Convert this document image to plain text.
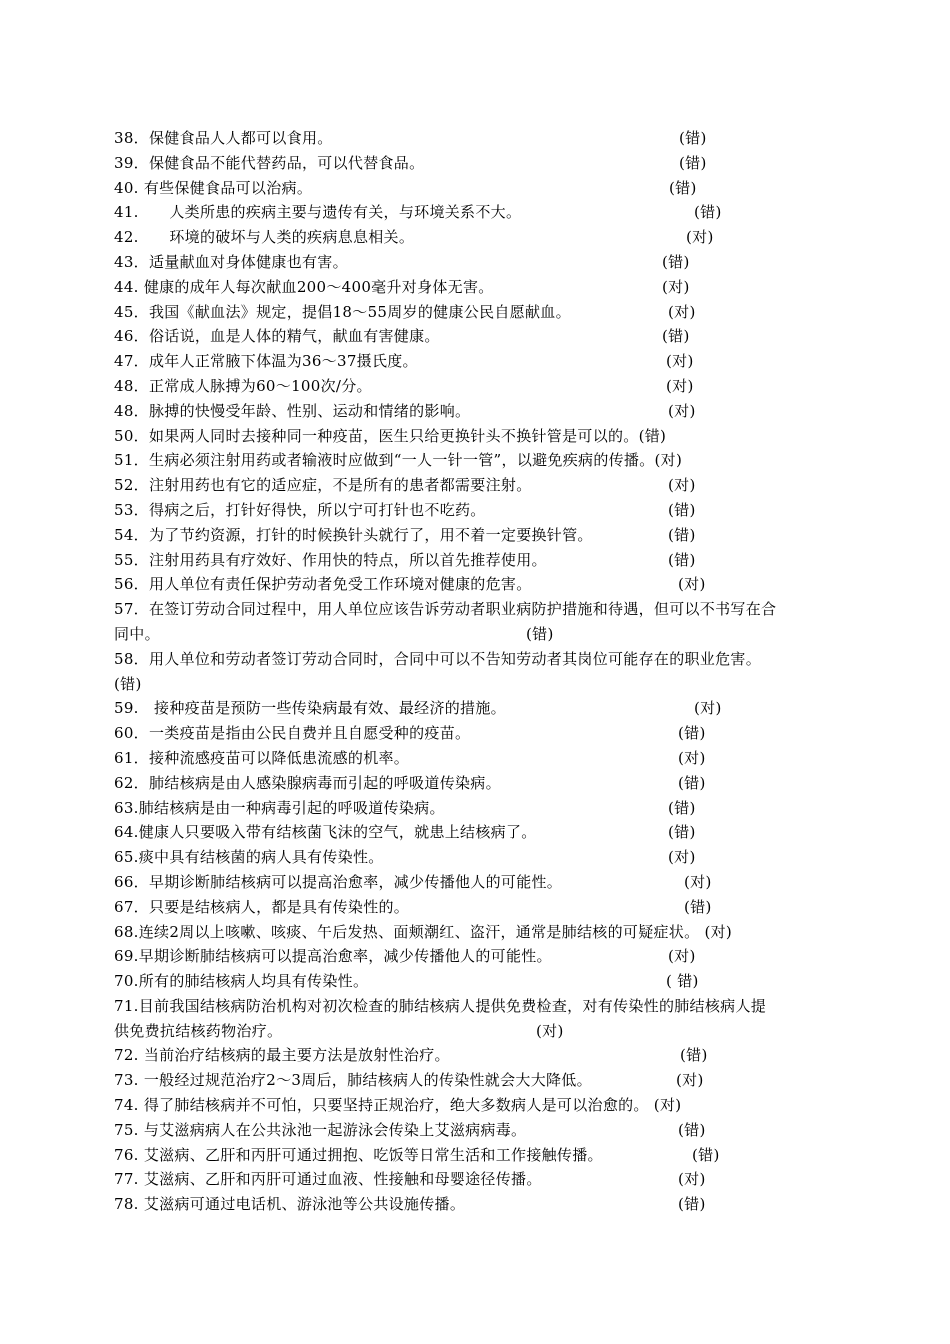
38．保健食品人人都可以食用。	(错)
39．保健食品不能代替药品，可以代替食品。	(错)
40. 有些保健食品可以治病。	(错)
41.　　人类所患的疾病主要与遗传有关，与环境关系不大。	(错)
42.　　环境的破坏与人类的疾病息息相关。	(对)
43．适量献血对身体健康也有害。	(错)
44. 健康的成年人每次献血200～400毫升对身体无害。	(对)
45．我国《献血法》规定，提倡18～55周岁的健康公民自愿献血。	(对)
46．俗话说，血是人体的精气，献血有害健康。	(错)
47．成年人正常腋下体温为36～37摄氏度。	(对)
48．正常成人脉搏为60～100次/分。	(对)
48．脉搏的快慢受年龄、性别、运动和情绪的影响。	(对)
50．如果两人同时去接种同一种疫苗，医生只给更换针头不换针管是可以的。(错)
51．生病必须注射用药或者输液时应做到“一人一针一管”，以避免疾病的传播。(对)
52．注射用药也有它的适应症，不是所有的患者都需要注射。	(对)
53．得病之后，打针好得快，所以宁可打针也不吃药。	(错)
54．为了节约资源，打针的时候换针头就行了，用不着一定要换针管。	(错)
55．注射用药具有疗效好、作用快的特点，所以首先推荐使用。	(错)
56．用人单位有责任保护劳动者免受工作环境对健康的危害。	(对)
57．在签订劳动合同过程中，用人单位应该告诉劳动者职业病防护措施和待遇，但可以不书写在合
同中。	(错)
58．用人单位和劳动者签订劳动合同时，合同中可以不告知劳动者其岗位可能存在的职业危害。
(错)
59.　接种疫苗是预防一些传染病最有效、最经济的措施。	(对)
60．一类疫苗是指由公民自费并且自愿受种的疫苗。	(错)
61．接种流感疫苗可以降低患流感的机率。	(对)
62．肺结核病是由人感染腺病毒而引起的呼吸道传染病。	(错)
63.肺结核病是由一种病毒引起的呼吸道传染病。	(错)
64.健康人只要吸入带有结核菌飞沫的空气，就患上结核病了。	(错)
65.痰中具有结核菌的病人具有传染性。	(对)
66．早期诊断肺结核病可以提高治愈率，减少传播他人的可能性。	(对)
67．只要是结核病人，都是具有传染性的。	(错)
68.连续2周以上咳嗽、咳痰、午后发热、面颊潮红、盗汗，通常是肺结核的可疑症状。 (对)
69.早期诊断肺结核病可以提高治愈率，减少传播他人的可能性。	(对)
70.所有的肺结核病人均具有传染性。	( 错)
71.目前我国结核病防治机构对初次检查的肺结核病人提供免费检查，对有传染性的肺结核病人提
供免费抗结核药物治疗。	(对)
72. 当前治疗结核病的最主要方法是放射性治疗。	(错)
73. 一般经过规范治疗2～3周后，肺结核病人的传染性就会大大降低。	(对)
74. 得了肺结核病并不可怕，只要坚持正规治疗，绝大多数病人是可以治愈的。 (对)
75. 与艾滋病病人在公共泳池一起游泳会传染上艾滋病病毒。	(错)
76. 艾滋病、乙肝和丙肝可通过拥抱、吃饭等日常生活和工作接触传播。	(错)
77. 艾滋病、乙肝和丙肝可通过血液、性接触和母婴途径传播。	(对)
78. 艾滋病可通过电话机、游泳池等公共设施传播。	(错)
